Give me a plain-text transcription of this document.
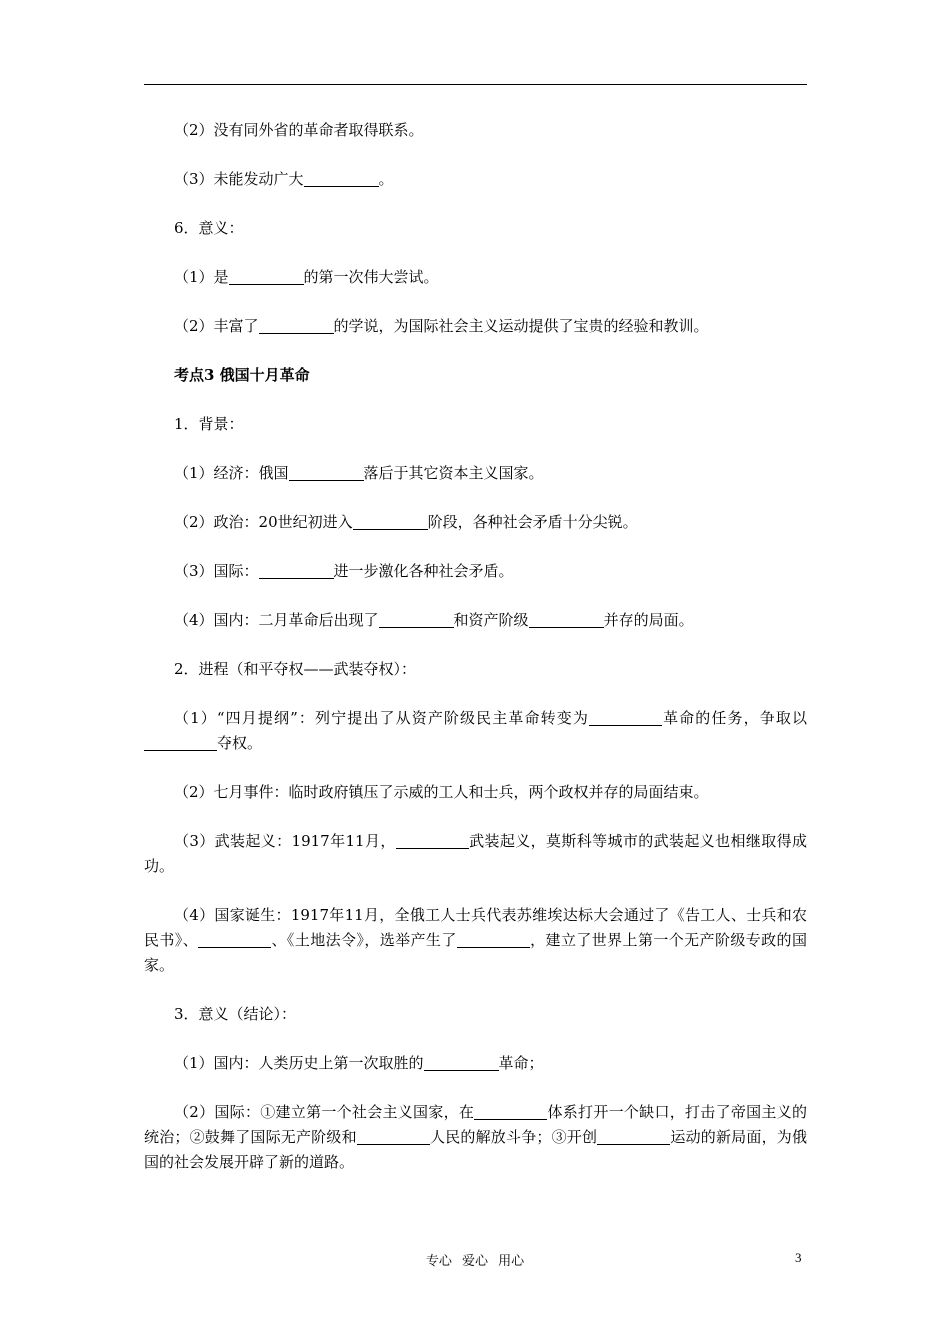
（2）没有同外省的革命者取得联系。

（3）未能发动广大	。

6．意义：

（1）是	的第一次伟大尝试。

（2）丰富了	的学说，为国际社会主义运动提供了宝贵的经验和教训。

考点3 俄国十月革命

1．背景：

（1）经济：俄国	落后于其它资本主义国家。

（2）政治：20世纪初进入	阶段，各种社会矛盾十分尖锐。

（3）国际：	进一步激化各种社会矛盾。

（4）国内：二月革命后出现了	和资产阶级	并存的局面。

2．进程（和平夺权——武装夺权）：

（1）“四月提纲”：列宁提出了从资产阶级民主革命转变为	革命的任务，争取以夺权。

（2）七月事件：临时政府镇压了示威的工人和士兵，两个政权并存的局面结束。

（3）武装起义：1917年11月，	武装起义，莫斯科等城市的武装起义也相继取得成功。

（4）国家诞生：1917年11月，全俄工人士兵代表苏维埃达标大会通过了《告工人、士兵和农民书》、	、《土地法令》，选举产生了	，建立了世界上第一个无产阶级专政的国家。

3．意义（结论）：

（1）国内：人类历史上第一次取胜的	革命；

（2）国际：①建立第一个社会主义国家，在	体系打开一个缺口，打击了帝国主义的统治；②鼓舞了国际无产阶级和	人民的解放斗争；③开创	运动的新局面，为俄国的社会发展开辟了新的道路。

专心 爱心 用心	3
